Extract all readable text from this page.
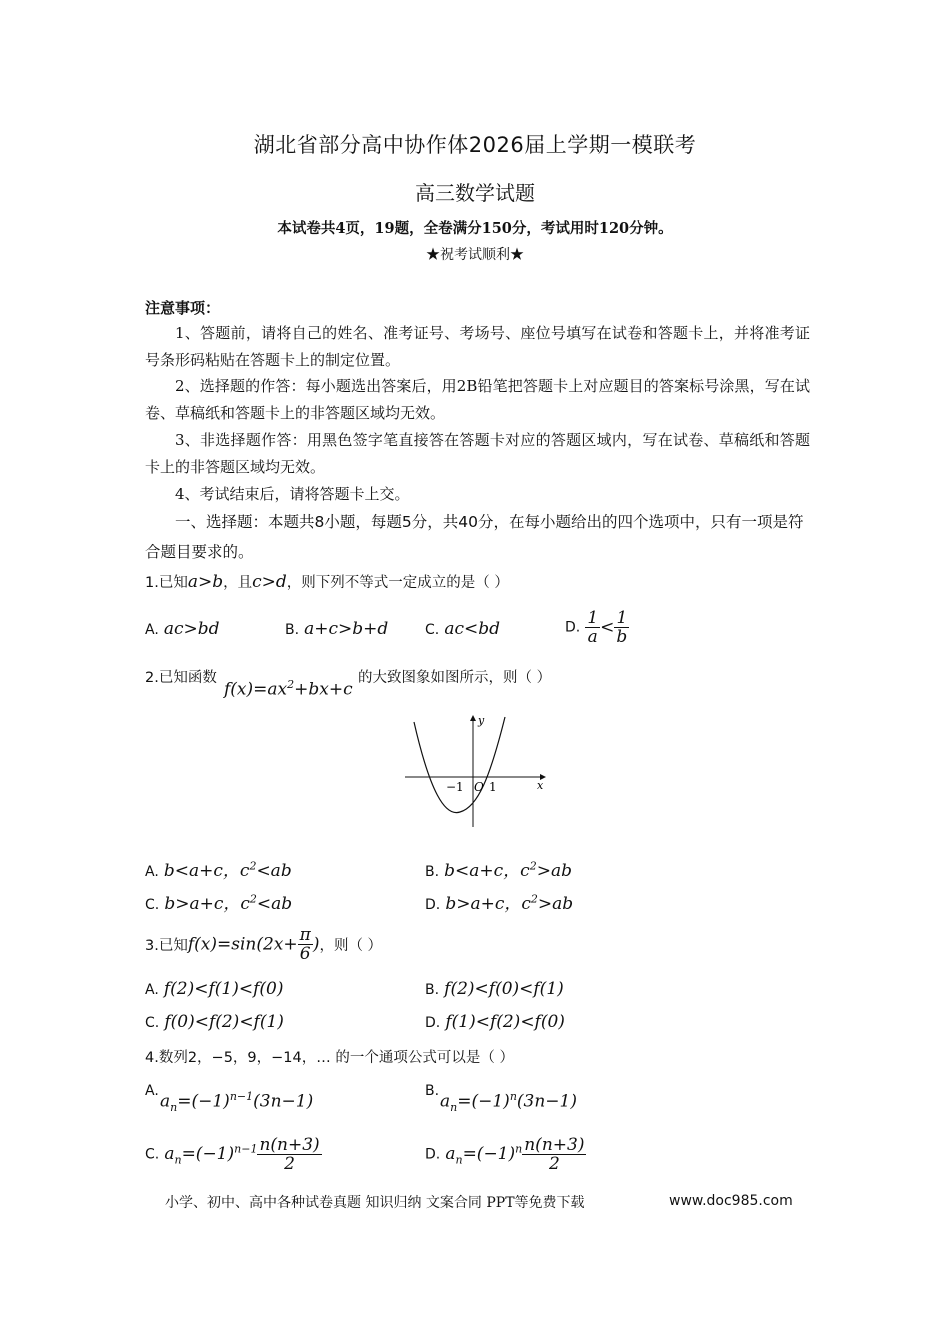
湖北省部分高中协作体2026届上学期一模联考
高三数学试题
本试卷共4页，19题，全卷满分150分，考试用时120分钟。
★祝考试顺利★
注意事项：
1、答题前，请将自己的姓名、准考证号、考场号、座位号填写在试卷和答题卡上，并将准考证号条形码粘贴在答题卡上的制定位置。
2、选择题的作答：每小题选出答案后，用2B铅笔把答题卡上对应题目的答案标号涂黑，写在试卷、草稿纸和答题卡上的非答题区域均无效。
3、非选择题作答：用黑色签字笔直接答在答题卡对应的答题区域内，写在试卷、草稿纸和答题卡上的非答题区域均无效。
4、考试结束后，请将答题卡上交。
一、选择题：本题共8小题，每题5分，共40分，在每小题给出的四个选项中，只有一项是符合题目要求的。
1.已知a>b，且c>d，则下列不等式一定成立的是（ ）
A. ac>bd	B. a+c>b+d	C. ac<bd	D. $\frac{1}{a} < \frac{1}{b}$
2.已知函数
$f(x)=ax^2+bx+c$
的大致图象如图所示，则（ ）
y
x
O
−1 1
A. b<a+c，$c^2<ab$	B. b<a+c，$c^2>ab$
C. b>a+c，$c^2<ab$	D. b>a+c，$c^2>ab$
3.已知$f(x)=\sin(2x+ \frac{\pi}{6}$ )，则（ ）
A. f(2)<f(1)<f(0)	B. f(2)<f(0)<f(1)
C. f(0)<f(2)<f(1)	D. f(1)<f(2)<f(0)
4.数列2，−5，9，−14，… 的一个通项公式可以是（ ）
A.
$a_n=(-1)^{n-1}(3n-1)$
B.
$a_n=(-1)^n(3n-1)$
C. $a_n=(-1)^{n-1} \frac{n(n+3)}{2}$	D. $a_n=(-1)^n \frac{n(n+3)}{2}$
小学、初中、高中各种试卷真题 知识归纳 文案合同 PPT等免费下载	www.doc985.com
